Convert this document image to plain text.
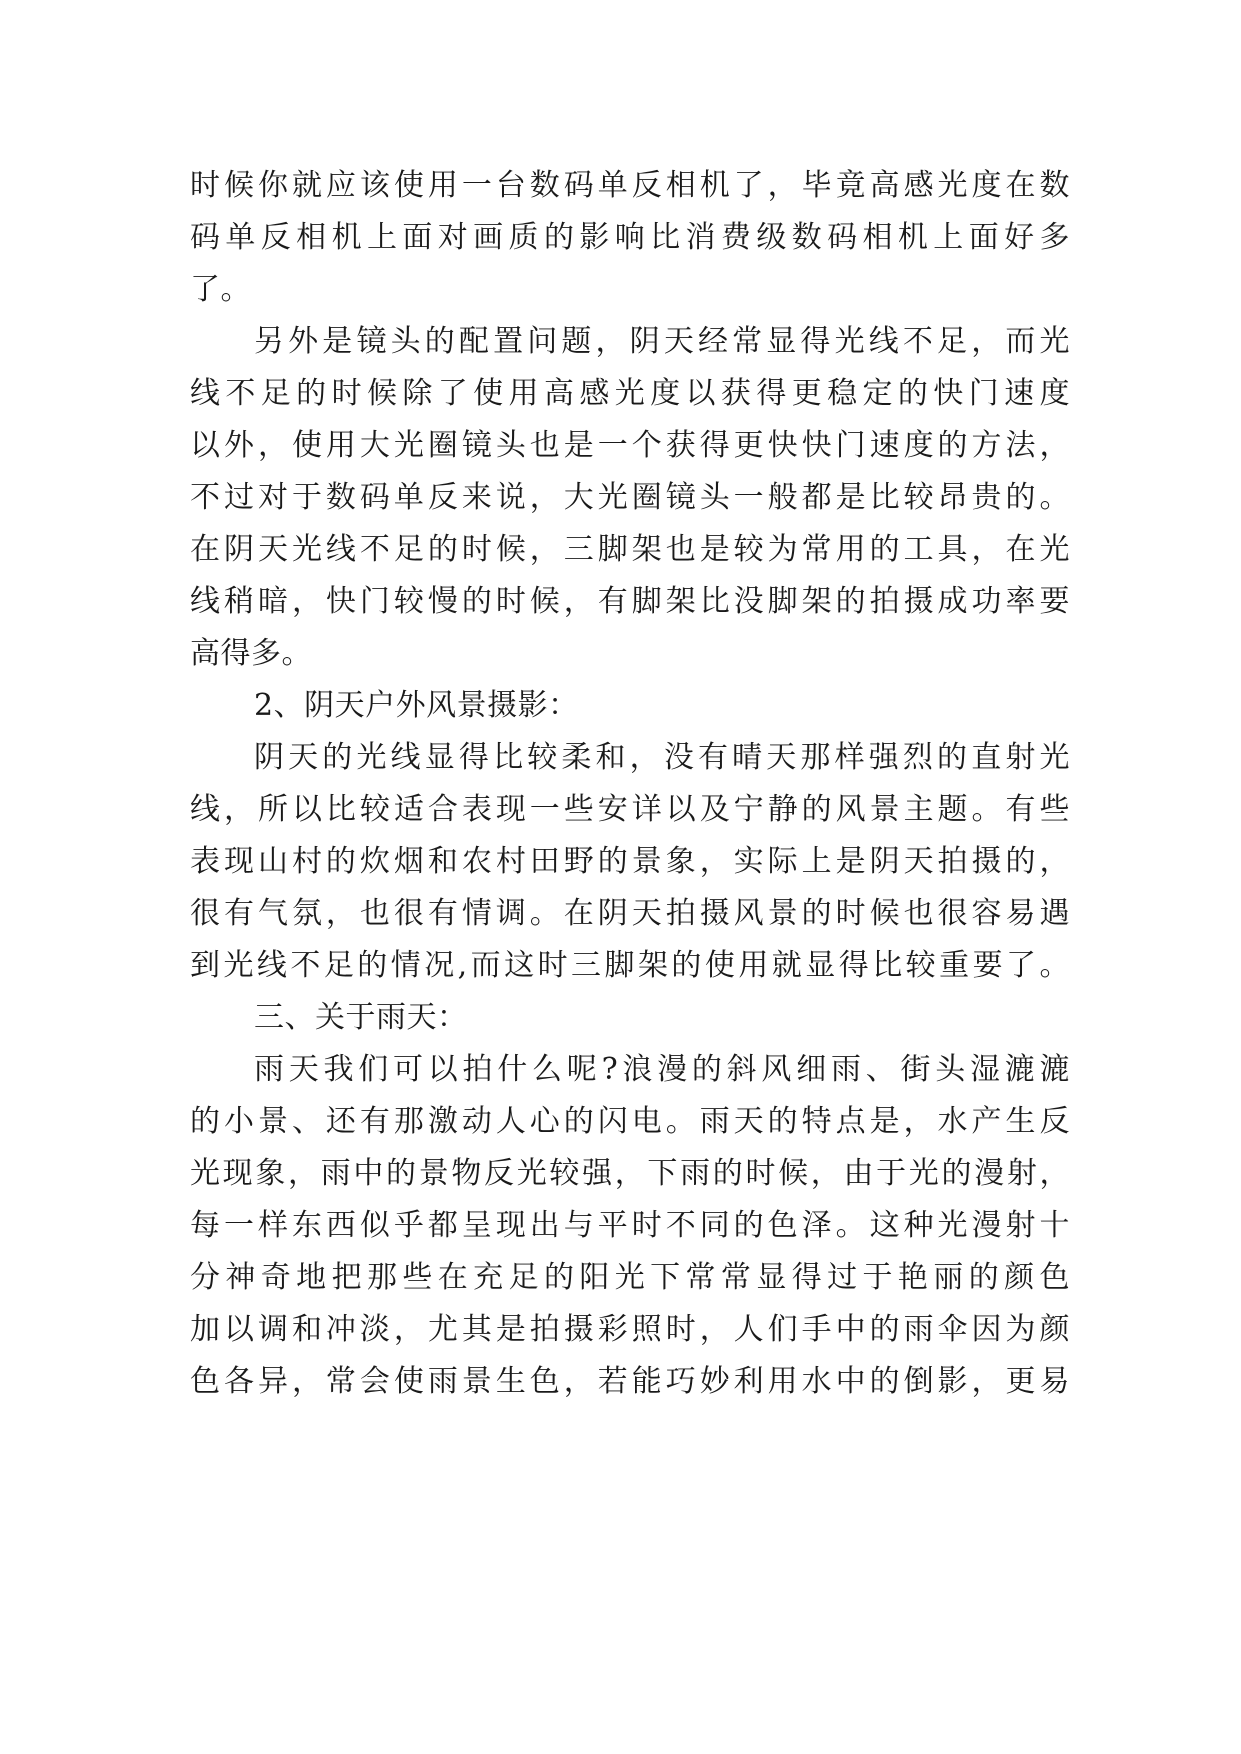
时候你就应该使用一台数码单反相机了，毕竟高感光度在数
码单反相机上面对画质的影响比消费级数码相机上面好多
了。
另外是镜头的配置问题，阴天经常显得光线不足，而光
线不足的时候除了使用高感光度以获得更稳定的快门速度
以外，使用大光圈镜头也是一个获得更快快门速度的方法，
不过对于数码单反来说，大光圈镜头一般都是比较昂贵的。
在阴天光线不足的时候，三脚架也是较为常用的工具，在光
线稍暗，快门较慢的时候，有脚架比没脚架的拍摄成功率要
高得多。
2、阴天户外风景摄影：
阴天的光线显得比较柔和，没有晴天那样强烈的直射光
线，所以比较适合表现一些安详以及宁静的风景主题。有些
表现山村的炊烟和农村田野的景象，实际上是阴天拍摄的，
很有气氛，也很有情调。在阴天拍摄风景的时候也很容易遇
到光线不足的情况,而这时三脚架的使用就显得比较重要了。
三、关于雨天：
雨天我们可以拍什么呢?浪漫的斜风细雨、街头湿漉漉
的小景、还有那激动人心的闪电。雨天的特点是，水产生反
光现象，雨中的景物反光较强，下雨的时候，由于光的漫射，
每一样东西似乎都呈现出与平时不同的色泽。这种光漫射十
分神奇地把那些在充足的阳光下常常显得过于艳丽的颜色
加以调和冲淡，尤其是拍摄彩照时，人们手中的雨伞因为颜
色各异，常会使雨景生色，若能巧妙利用水中的倒影，更易
